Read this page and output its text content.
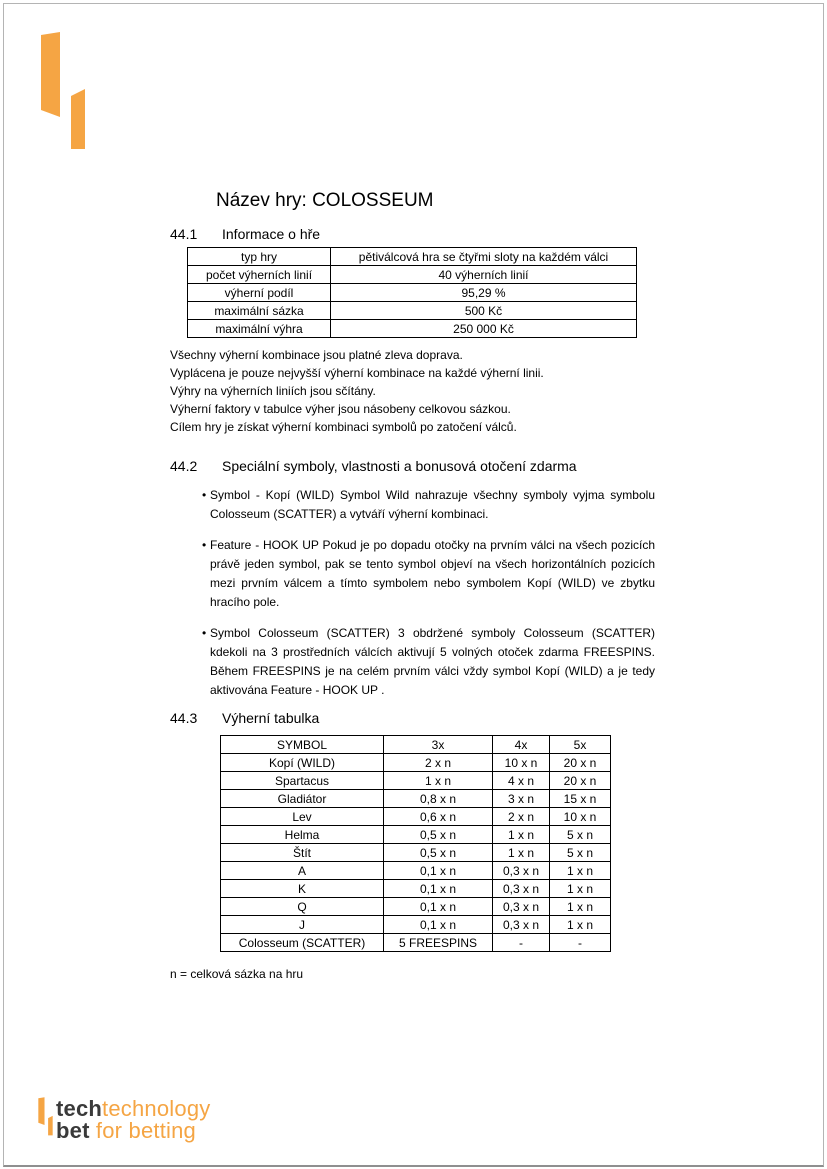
Název hry: COLOSSEUM
44.1 Informace o hře
typ hry	pětiválcová hra se čtyřmi sloty na každém válci
počet výherních linií	40 výherních linií
výherní podíl	95,29 %
maximální sázka	500 Kč
maximální výhra	250 000 Kč
Všechny výherní kombinace jsou platné zleva doprava.
Vyplácena je pouze nejvyšší výherní kombinace na každé výherní linii.
Výhry na výherních liniích jsou sčítány.
Výherní faktory v tabulce výher jsou násobeny celkovou sázkou.
Cílem hry je získat výherní kombinaci symbolů po zatočení válců.
44.2 Speciální symboly, vlastnosti a bonusová otočení zdarma
• Symbol - Kopí (WILD) Symbol Wild nahrazuje všechny symboly vyjma symbolu Colosseum (SCATTER) a vytváří výherní kombinaci.
• Feature - HOOK UP Pokud je po dopadu otočky na prvním válci na všech pozicích právě jeden symbol, pak se tento symbol objeví na všech horizontálních pozicích mezi prvním válcem a tímto symbolem nebo symbolem Kopí (WILD) ve zbytku hracího pole.
• Symbol Colosseum (SCATTER) 3 obdržené symboly Colosseum (SCATTER) kdekoli na 3 prostředních válcích aktivují 5 volných otoček zdarma FREESPINS. Během FREESPINS je na celém prvním válci vždy symbol Kopí (WILD) a je tedy aktivována Feature - HOOK UP .
44.3 Výherní tabulka
SYMBOL	3x	4x	5x
Kopí (WILD)	2 x n	10 x n	20 x n
Spartacus	1 x n	4 x n	20 x n
Gladiátor	0,8 x n	3 x n	15 x n
Lev	0,6 x n	2 x n	10 x n
Helma	0,5 x n	1 x n	5 x n
Štít	0,5 x n	1 x n	5 x n
A	0,1 x n	0,3 x n	1 x n
K	0,1 x n	0,3 x n	1 x n
Q	0,1 x n	0,3 x n	1 x n
J	0,1 x n	0,3 x n	1 x n
Colosseum (SCATTER)	5 FREESPINS	-	-
n = celková sázka na hru
techtechnology
bet for betting
